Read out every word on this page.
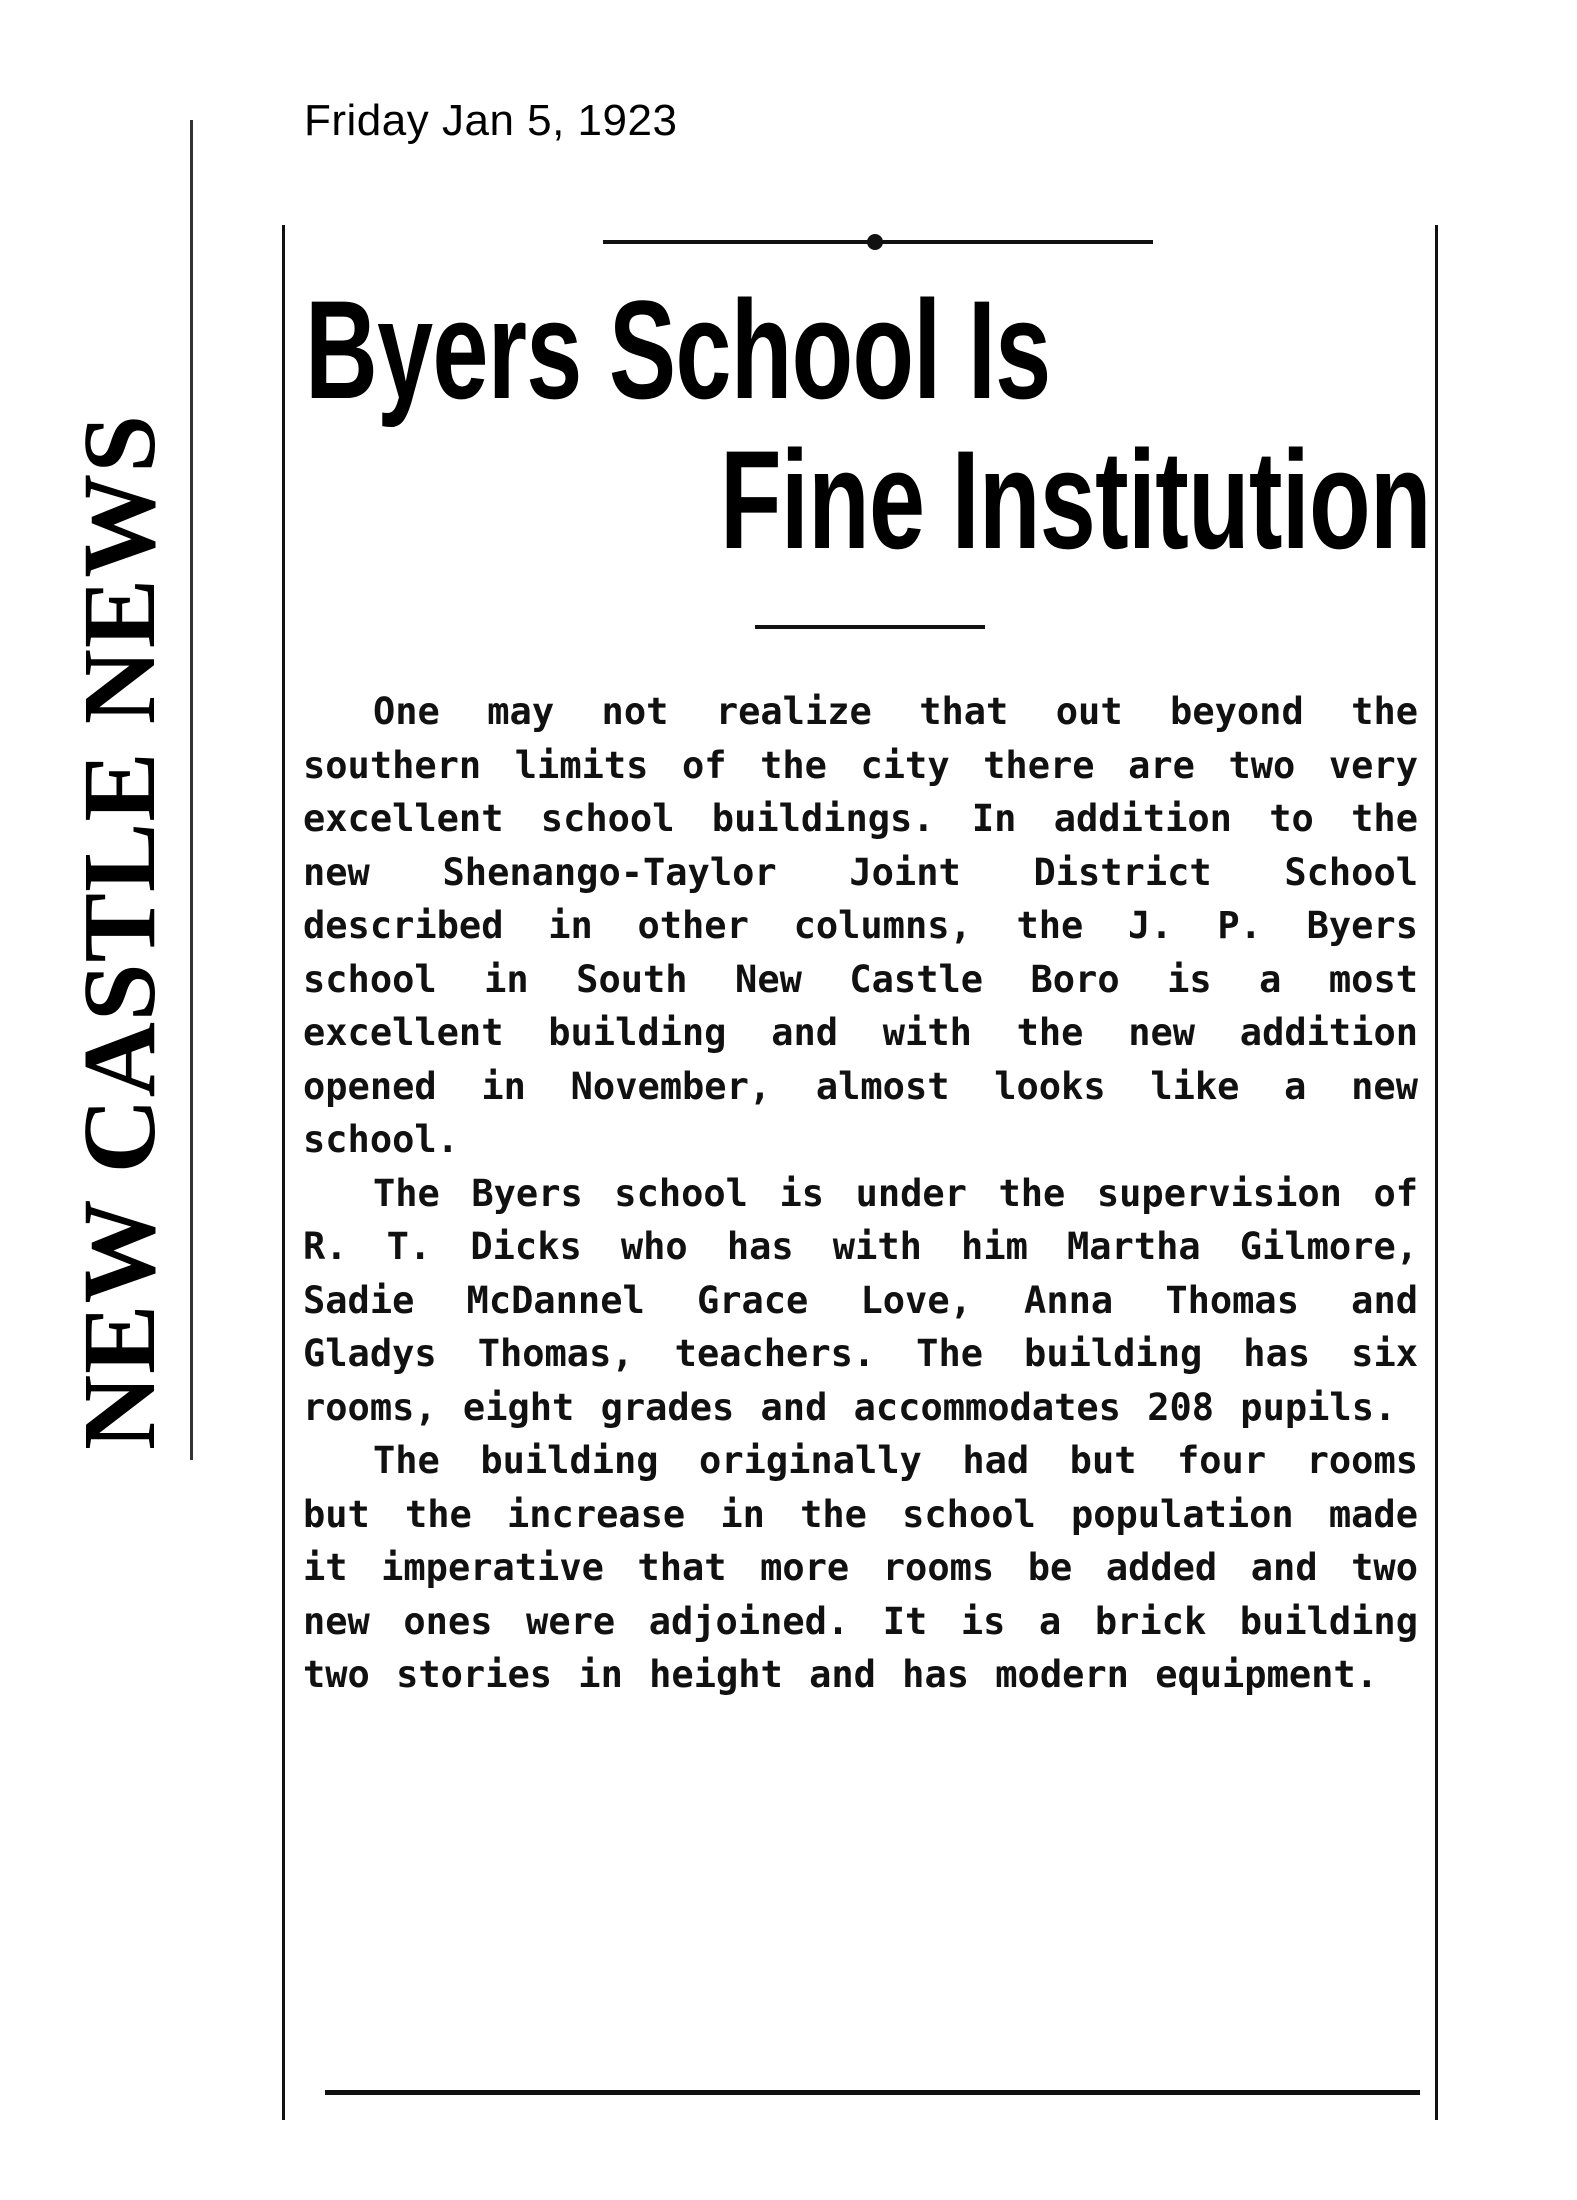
Friday Jan 5, 1923
NEW CASTLE NEWS
Byers School Is
Fine Institution

One may not realize that out beyond the southern limits of the city there are two very excellent school buildings. In addition to the new Shenango-Taylor Joint District School described in other columns, the J. P. Byers school in South New Castle Boro is a most excellent building and with the new addition opened in November, almost looks like a new school.

The Byers school is under the supervision of R. T. Dicks who has with him Martha Gilmore, Sadie McDannel Grace Love, Anna Thomas and Gladys Thomas, teachers. The building has six rooms, eight grades and accommodates 208 pupils.

The building originally had but four rooms but the increase in the school population made it imperative that more rooms be added and two new ones were adjoined. It is a brick building two stories in height and has modern equipment.
